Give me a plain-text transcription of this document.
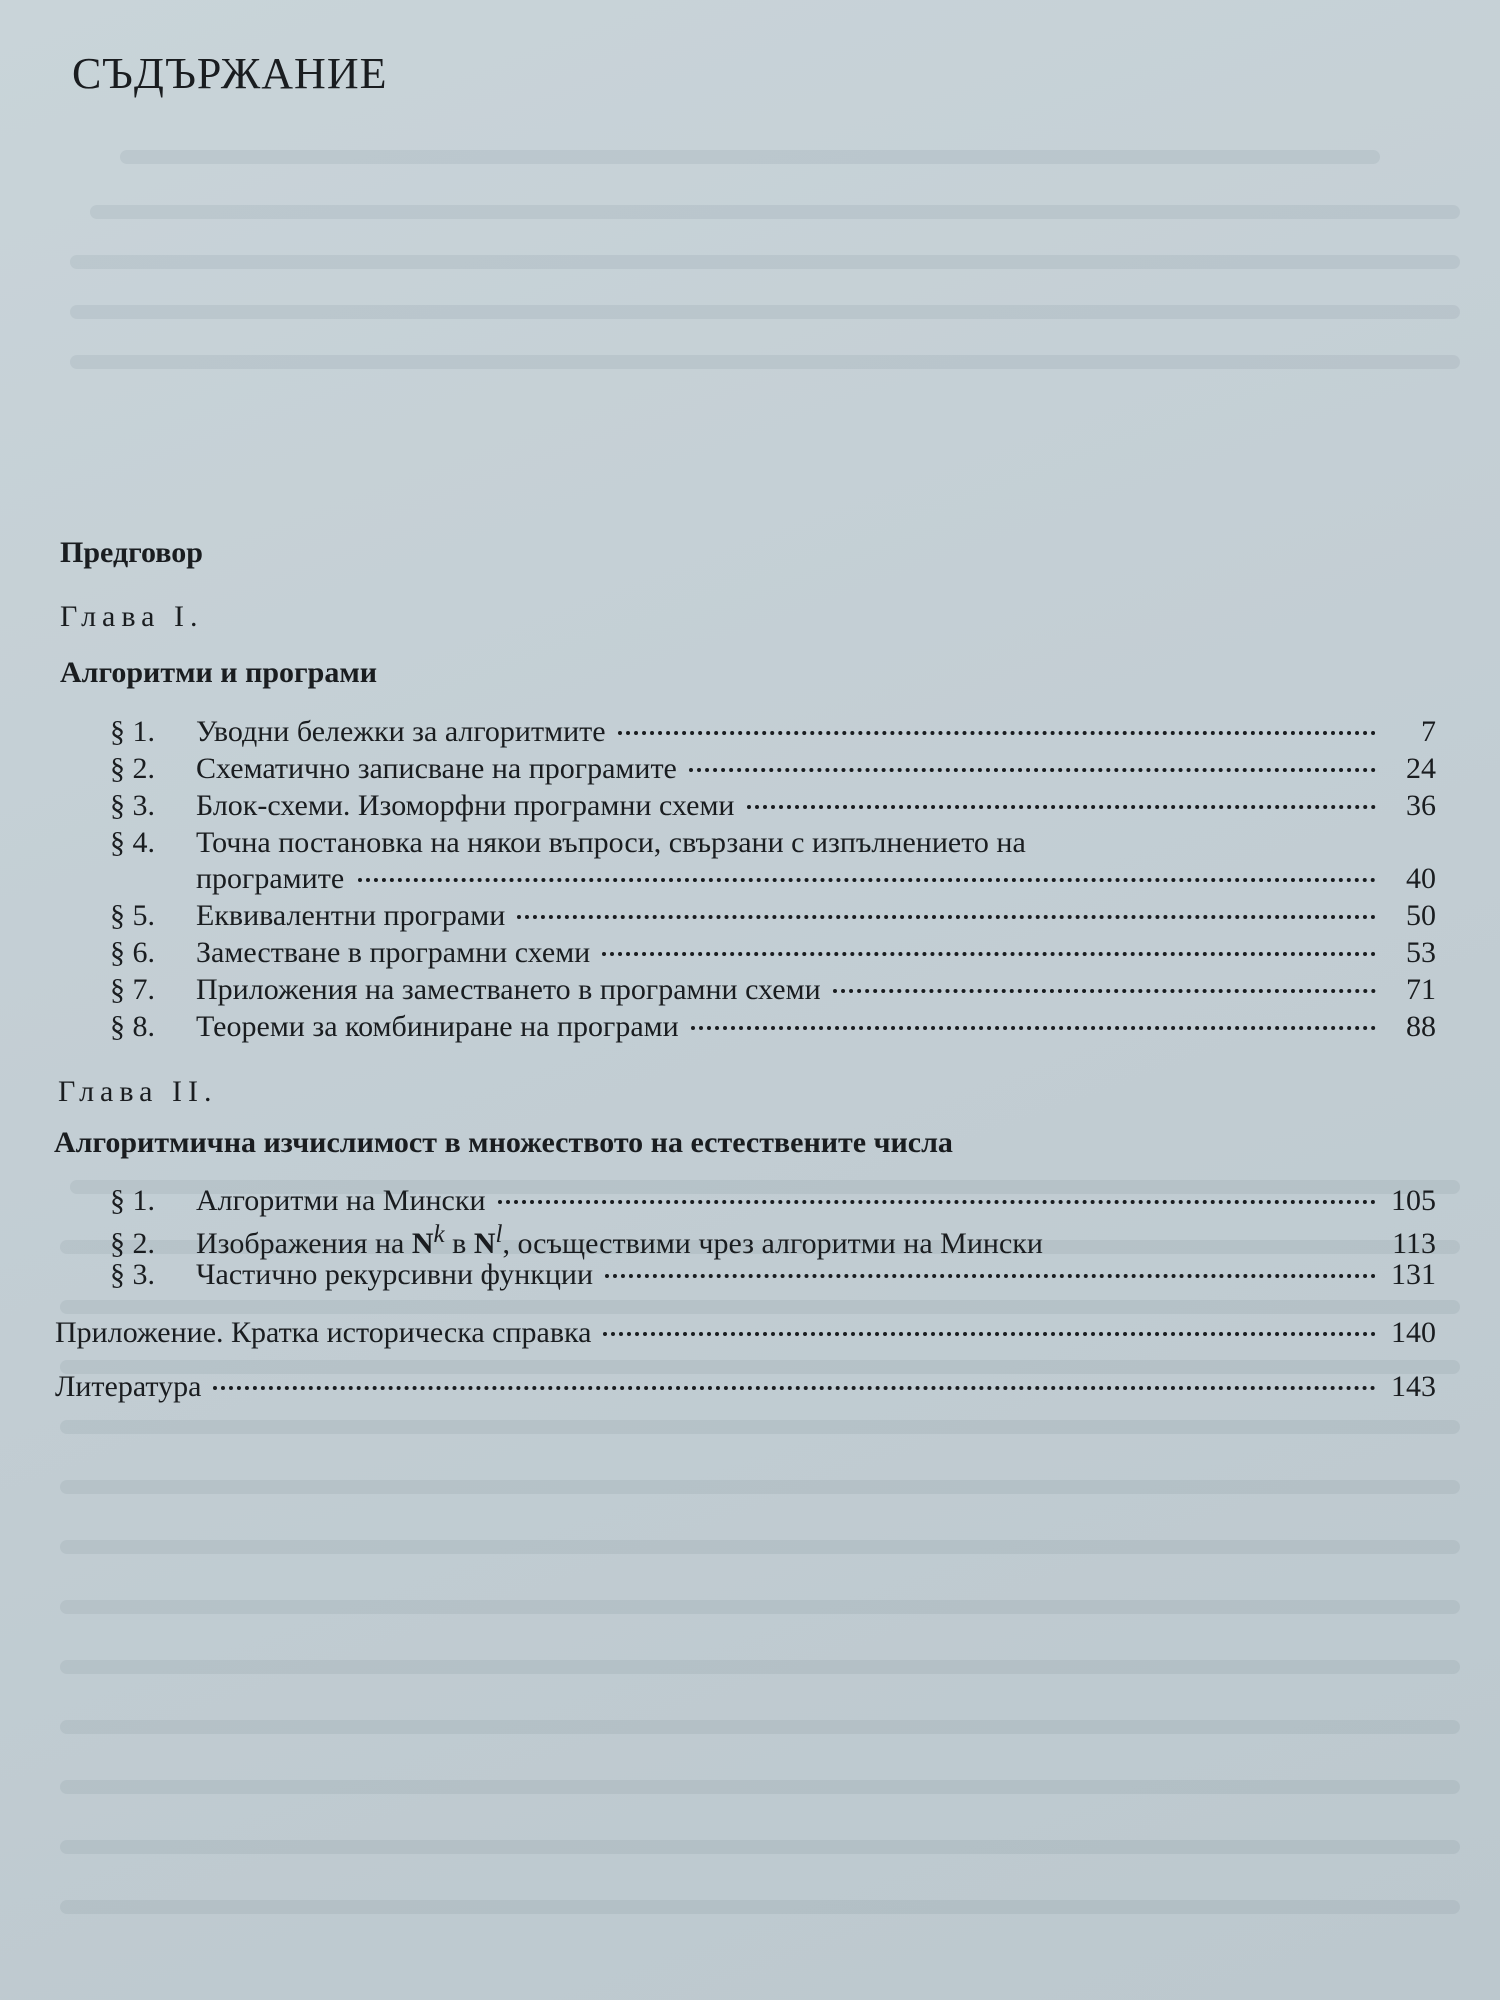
СЪДЪРЖАНИЕ
Предговор
Глава I.
Алгоритми и програми
§ 1.	Уводни бележки за алгоритмите	7
§ 2.	Схематично записване на програмите	24
§ 3.	Блок-схеми. Изоморфни програмни схеми	36
§ 4.	Точна постановка на някои въпроси, свързани с изпълнението на
програмите	40
§ 5.	Еквивалентни програми	50
§ 6.	Заместване в програмни схеми	53
§ 7.	Приложения на заместването в програмни схеми	71
§ 8.	Теореми за комбиниране на програми	88
Глава II.
Алгоритмична изчислимост в множеството на естествените числа
§ 1.	Алгоритми на Мински	105
§ 2.	Изображения на $N^k$ в $N^l$, осъществими чрез алгоритми на Мински	113
§ 3.	Частично рекурсивни функции	131
Приложение. Кратка историческа справка	140
Литература	143
